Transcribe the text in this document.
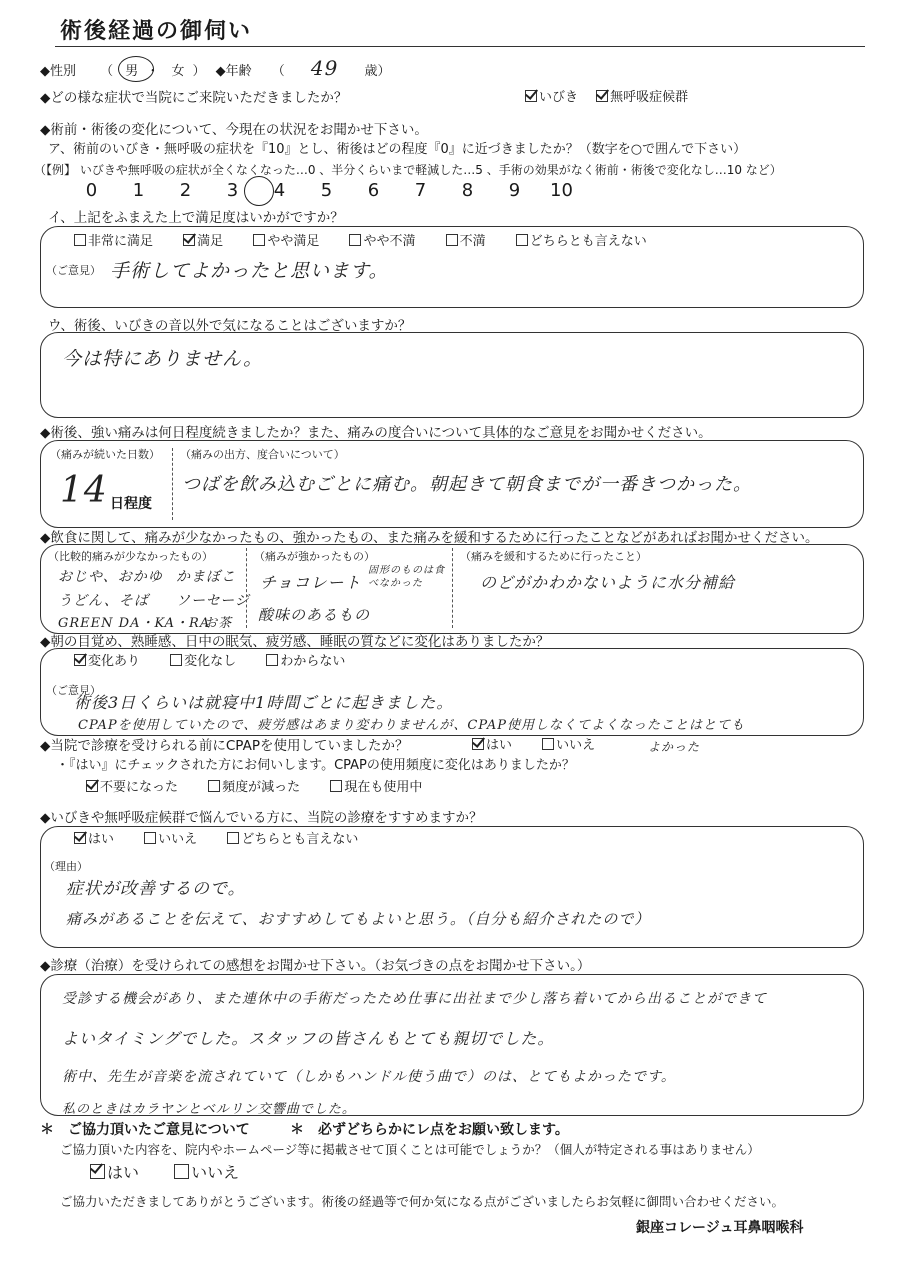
術後経過の御伺い
◆性別 （ 男 ・ 女 ） ◆年齢 （ 49 歳）
◆どの様な症状で当院にご来院いただきましたか？	いびき 無呼吸症候群
◆術前・術後の変化について、今現在の状況をお聞かせ下さい。
ア、術前のいびき・無呼吸の症状を『10』とし、術後はどの程度『0』に近づきましたか？（数字を○で囲んで下さい）
（【例】 いびきや無呼吸の症状が全くなくなった…0 、半分くらいまで軽減した…5 、手術の効果がなく術前・術後で変化なし…10 など）
0 1 2 3 4 5 6 7 8 9 10
イ、上記をふまえた上で満足度はいかがですか？
非常に満足	満足	やや満足	やや不満	不満	どちらとも言えない
（ご意見） 手術してよかったと思います。
ウ、術後、いびきの音以外で気になることはございますか？
今は特にありません。
◆術後、強い痛みは何日程度続きましたか？また、痛みの度合いについて具体的なご意見をお聞かせください。
（痛みが続いた日数）
14 日程度
（痛みの出方、度合いについて）
つばを飲み込むごとに痛む。朝起きて朝食までが一番きつかった。
◆飲食に関して、痛みが少なかったもの、強かったもの、また痛みを緩和するために行ったことなどがあればお聞かせください。
（比較的痛みが少なかったもの）
おじや、おかゆ かまぼこ
うどん、そば ソーセージ
GREEN DA・KA・RA
お茶
（痛みが強かったもの）
チョコレート
固形のものは食べなかった
酸味のあるもの
（痛みを緩和するために行ったこと）
のどがかわかないように水分補給
◆朝の目覚め、熟睡感、日中の眠気、疲労感、睡眠の質などに変化はありましたか？
変化あり	変化なし	わからない
（ご意見）
術後3日くらいは就寝中1時間ごとに起きました。
CPAPを使用していたので、疲労感はあまり変わりませんが、CPAP使用しなくてよくなったことはとても
◆当院で診療を受けられる前にCPAPを使用していましたか？	はい	いいえ	よかった
・『はい』にチェックされた方にお伺いします。CPAPの使用頻度に変化はありましたか？
不要になった	頻度が減った	現在も使用中
◆いびきや無呼吸症候群で悩んでいる方に、当院の診療をすすめますか？
はい	いいえ	どちらとも言えない
（理由）
症状が改善するので。
痛みがあることを伝えて、おすすめしてもよいと思う。（自分も紹介されたので）
◆診療（治療）を受けられての感想をお聞かせ下さい。（お気づきの点をお聞かせ下さい。）
受診する機会があり、また連休中の手術だったため仕事に出社まで少し落ち着いてから出ることができて
よいタイミングでした。スタッフの皆さんもとても親切でした。
術中、先生が音楽を流されていて（しかもハンドル使う曲で）のは、とてもよかったです。
私のときはカラヤンとベルリン交響曲でした。
＊　ご協力頂いたご意見について	＊　必ずどちらかにレ点をお願い致します。
ご協力頂いた内容を、院内やホームページ等に掲載させて頂くことは可能でしょうか？（個人が特定される事はありません）
はい	いいえ
ご協力いただきましてありがとうございます。術後の経過等で何か気になる点がございましたらお気軽に御問い合わせください。
銀座コレージュ耳鼻咽喉科
